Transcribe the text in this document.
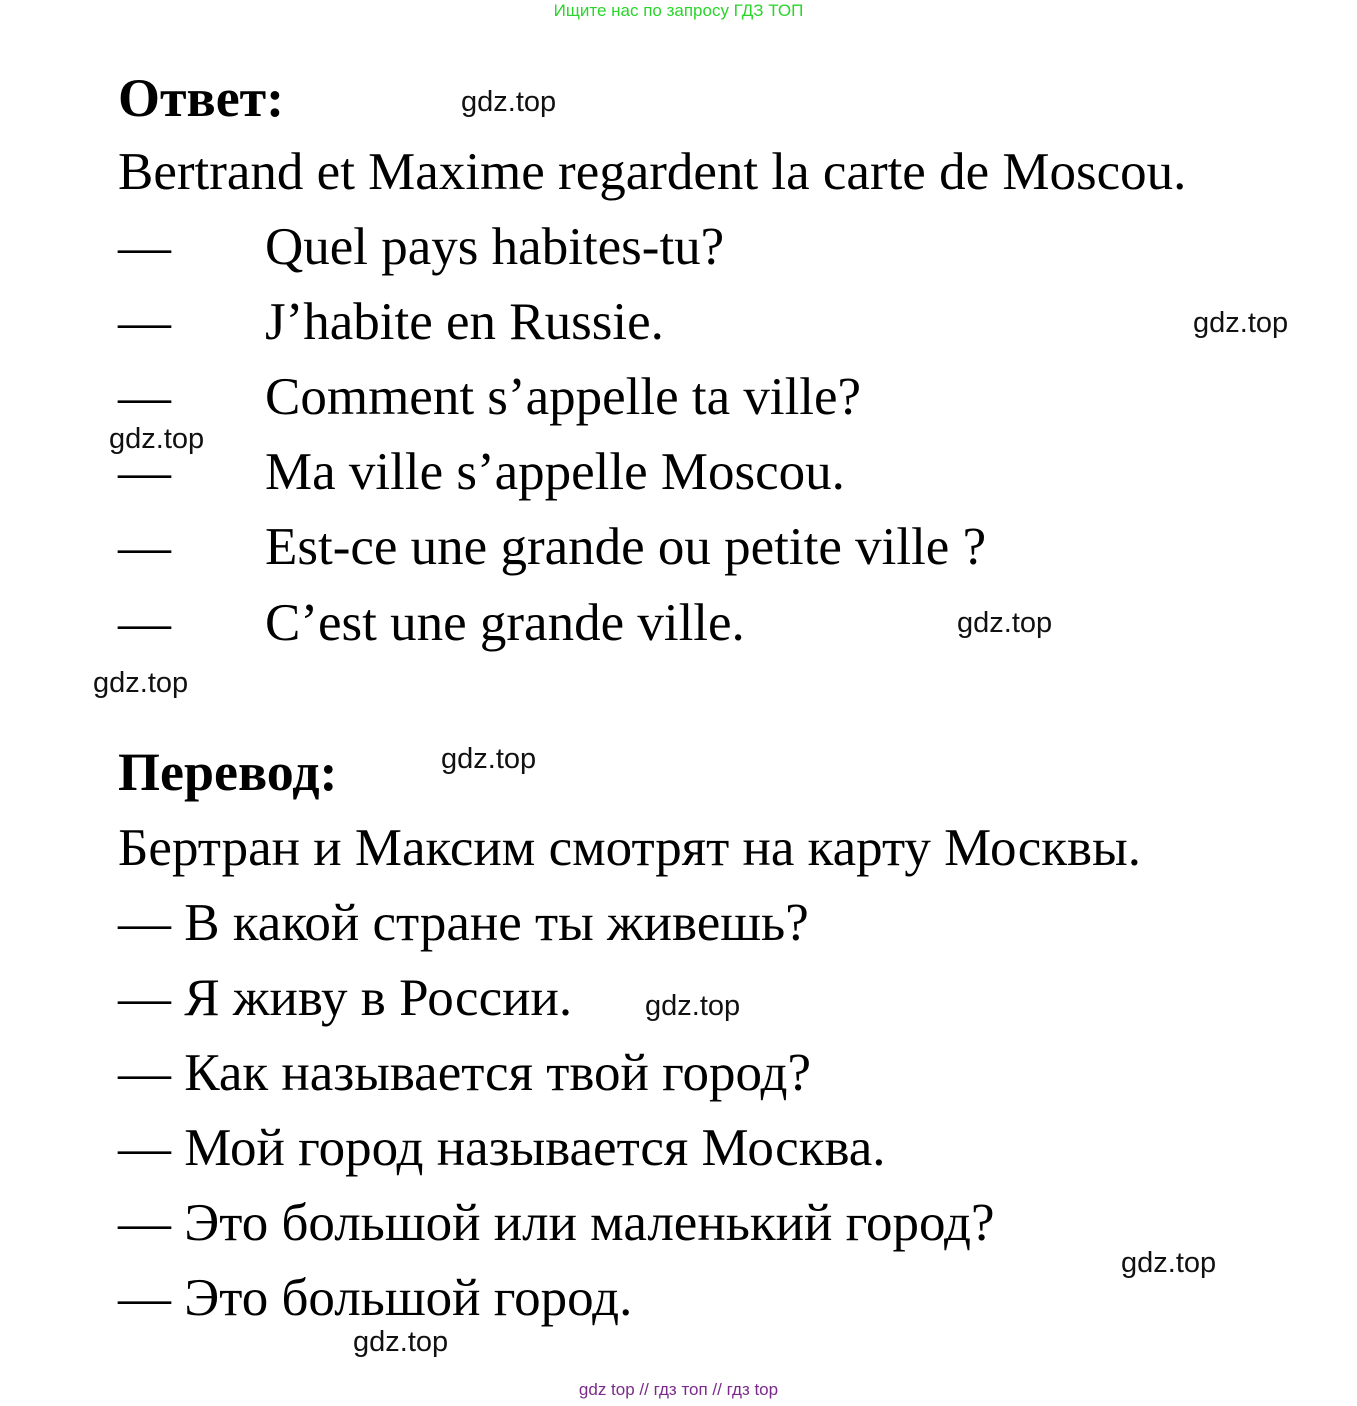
Ищите нас по запросу ГДЗ ТОП
Ответ:
Bertrand et Maxime regardent la carte de Moscou.
— Quel pays habites-tu?
— J’habite en Russie.
— Comment s’appelle ta ville?
— Ma ville s’appelle Moscou.
— Est-ce une grande ou petite ville ?
— C’est une grande ville.
Перевод:
Бертран и Максим смотрят на карту Москвы.
— В какой стране ты живешь?
— Я живу в России.
— Как называется твой город?
— Мой город называется Москва.
— Это большой или маленький город?
— Это большой город.
gdz.top
gdz.top
gdz.top
gdz.top
gdz.top
gdz.top
gdz.top
gdz.top
gdz.top
gdz top // гдз топ // гдз top
